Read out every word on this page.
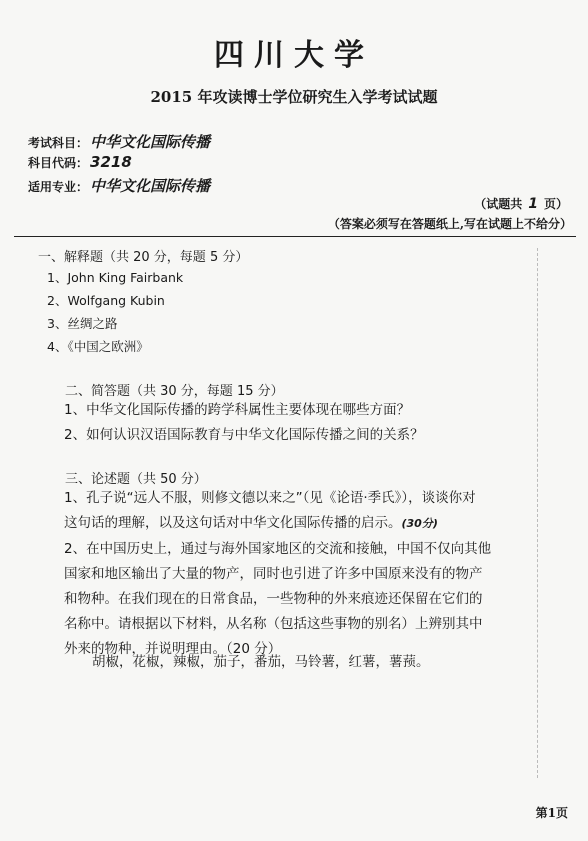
四川大学
2015 年攻读博士学位研究生入学考试试题
考试科目： 中华文化国际传播
科目代码： 3218
适用专业： 中华文化国际传播
（试题共 1 页）
（答案必须写在答题纸上,写在试题上不给分）
一、解释题（共 20 分，每题 5 分）
1、John King Fairbank
2、Wolfgang Kubin
3、丝绸之路
4、《中国之欧洲》
二、简答题（共 30 分，每题 15 分）
1、中华文化国际传播的跨学科属性主要体现在哪些方面？
2、如何认识汉语国际教育与中华文化国际传播之间的关系？
三、论述题（共 50 分）
1、孔子说“远人不服，则修文德以来之”（见《论语·季氏》），谈谈你对
这句话的理解，以及这句话对中华文化国际传播的启示。(30分)
2、在中国历史上，通过与海外国家地区的交流和接触，中国不仅向其他
国家和地区输出了大量的物产，同时也引进了许多中国原来没有的物产
和物种。在我们现在的日常食品，一些物种的外来痕迹还保留在它们的
名称中。请根据以下材料，从名称（包括这些事物的别名）上辨别其中
外来的物种，并说明理由。（20 分）
胡椒，花椒，辣椒，茄子，番茄，马铃薯，红薯，薯蓣。
第1页
